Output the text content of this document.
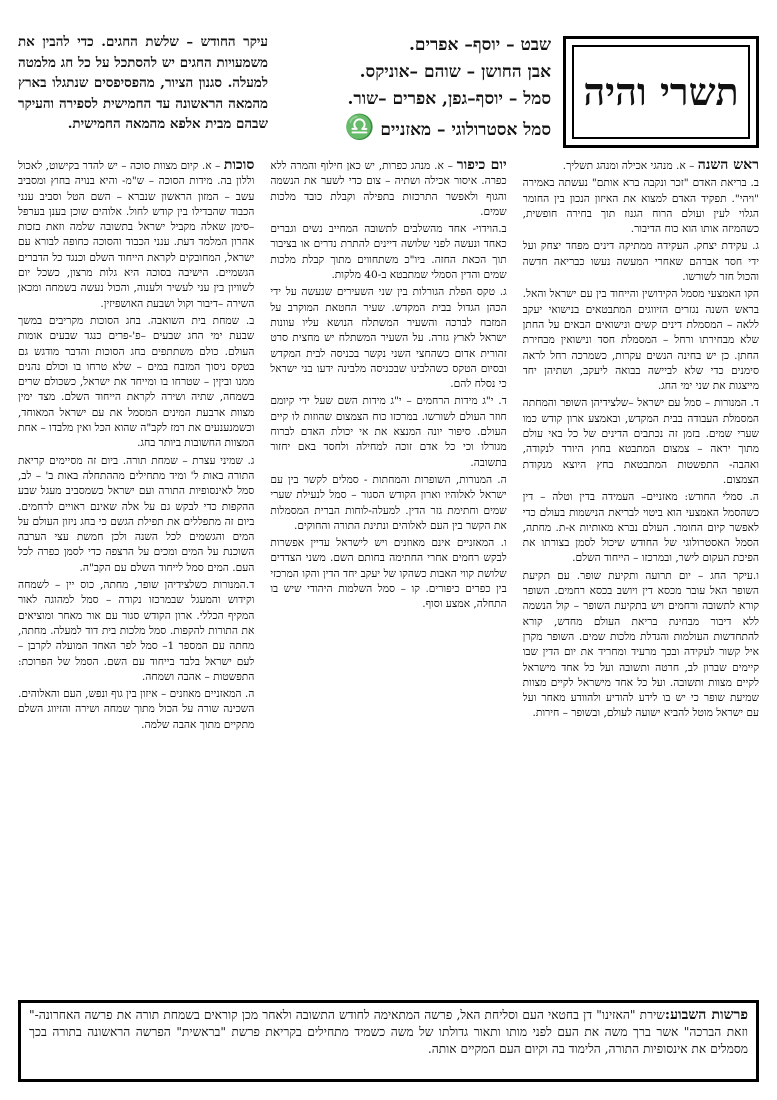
תשרי והיה
שבט – יוסף– אפרים.
אבן החושן – שוהם –אוניקס.
סמל – יוסף–גפן, אפרים –שור.
סמל אסטרולוגי – מאזניים ♎
עיקר החודש – שלשת החגים. כדי להבין את משמעויות החגים יש להסתכל על כל חג מלמטה למעלה. סגנון הציור, מהפסיפסים שנתגלו בארץ מהמאה הראשונה עד החמישית לספירה והעיקר שבהם מבית אלפא מהמאה החמישית.

ראש השנה – א. מנהגי אכילה ומנהג תשליך.

ב. בריאת האדם "זכר ונקבה ברא אותם" נעשתה באמירה "ויהי". תפקיד האדם למצוא את האיזון הנכון בין החומר הגלוי לעין ועולם הרוח הגנוז תוך בחירה חופשית, כשהמיזה אותו הוא כוח הדיבור.

ג. עקידת יצחק. העקידה ממתיקה דינים מפחד יצחק ועל ידי חסד אברהם שאחרי המעשה נעשו כבריאה חדשה והכול חזר לשורשו.

הקו האמצעי מסמל הקידושין והייחוד בין עם ישראל והאל. בראש השנה נגזרים הזיווגים המתבטאים בנישואי יעקב ללאה – המסמלת דינים קשים ונישואים הבאים על החתן שלא מבחירתו ורחל – המסמלת חסד ונישואין מבחירת החתן. כן יש בחינה הנשים עקרות, כשמרכה רחל לראה סימנים כדי שלא לביישה בבואה ליעקב, ושתיהן יחד מייצגות את שני ימי החג.

ד. המנורות – סמל עם ישראל –שלצידיהן השופר והמחתה המסמלת העבודה בבית המקדש, ובאמצע ארון קודש כמו שערי שמים. בזמן זה נכתבים הדינים של כל באי עולם מתוך יראה – צמצום המתבטא בחוץ היורד לנקודה, ואהבה- התפשטות המתבטאת בחץ היוצא מנקודת הצמצום.

ה. סמלי החודש: מאזניים– העמידה בדין וטלה – דין כשהסמל האמצעי הוא ביטוי לבריאת הנישמות בעולם כדי לאפשר קיום החומר. העולם נברא מאותיות א-ת. מחתה, הסמל האסטרולוגי של החודש שיכול לסמן בצורתו את הפיכת העקום לישר, ובמרכזו – הייחוד השלם.

ו.עיקר החג – יום תרועה ותקיעת שופר. עם תקיעת השופר האל עובר מכסא דין ויושב בכסא רחמים. השופר קורא לתשובה ורחמים ויש בתקיעת השופר – קול הנשמה ללא דיבור מבחינת בריאת העולם מחדש, קורא להתחדשות העולמות והגדלת מלכות שמים. השופר מקרן איל קשור לעקידה ובכך מרעיד ומחריד את יום הדין שבו קיימים שברון לב, חרטה ותשובה ועל כל אחד מישראל לקיים מצוות ותשובה. ועל כל אחד מישראל לקיים מצוות שמיעת שופר כי יש בו לידע להודיע ולהוודע מאחר ועל עם ישראל מוטל להביא ישועה לעולם, ובשופר – חירות.

יום כיפור – א. מנהג כפרות, יש כאן חילוף והמרה ללא כפרה. איסור אכילה ושתיה – צום כדי לשער את הנשמה והגוף ולאפשר התרכזות בתפילה וקבלת כובד מלכות שמים.

ב.הוידוי- אחד מהשלבים לתשובה המחייב נשים וגברים כאחד ונעשה לפני שלושה דיינים להתרת נדרים או בציבור תוך הכאת החזה. ביו"כ משתחווים מתוך קבלת מלכות שמים והדין הסמלי שמתבטא ב-40 מלקות.

ג. טקס הפלת הגורלות בין שני השעירים שנעשה על ידי הכהן הגדול בבית המקדש. שעיר החטאת המוקרב על המזבח לברכה והשעיר המשתלח הנושא עליו עוונות ישראל לארץ גזרה. על השעיר המשתלח יש מחצית סרט זהורית אדום כשהחצי השני נקשר בכניסה לבית המקדש ובסיום הטקס כשהלבינו שבכניסה מלבינה ידעו בני ישראל כי נסלח להם.

ד. י"ג מידות הרחמים – י"ג מידות השם שעל ידי קיומם חוזר העולם לשורשו. במרכזו כוח הצמצום שהוזות לו קיים העולם. סיפור יונה המנצא את אי יכולת האדם לברוח מגורלו וכי כל אדם זוכה למחילה ולחסד באם יחזור בתשובה.

ה. המנורות, השופרות והמחתות - סמלים לקשר בין עם ישראל לאלוהיו וארון הקודש הסגור – סמל לנעילת שערי שמים וחתימת גזר הדין. למעלה-לוחות הברית המסמלות את הקשר בין העם לאלוהים ונתינת התורה והחוקים.

ו. המאזניים אינם מאוזנים ויש לישראל עדיין אפשרות לבקש רחמים אחרי החתימה בחותם השם. משני הצדדים שלושת קווי האבות כשהקו של יעקב יחד הדין והקו המרכזי בין כפרים כיפורים. קו – סמל השלמות היהודי שיש בו התחלה, אמצע וסוף.

סוכות – א. קיום מצוות סוכה – יש להדר בקישוט, לאכול וללון בה. מידות הסוכה – ש"מ- והיא בנויה בחוץ ומסביב עשב – המזון הראשון שנברא – השם הטל וסביב ענני הכבוד שהבדילו בין קודש לחול. אלוהים שוכן בענן בערפל –סימן שאלה מקביל ישראל בתשובה שלמה וזאת בזכות אהרון המלמד דעת. ענני הכבוד והסוכה כחופה לבורא עם ישראל, המחובקים לקראת הייחוד השלם וכנגד כל הדברים הגשמיים. הישיבה בסוכה היא גלות מרצון, כשכל יום לשוויון בין עני לעשיר ולענוה, והכול נעשה בשמחה ומכאן השירה –דיבור וקול ושבעת האושפיזין.

ב. שמחת בית השואבה. בחג הסוכות מקריבים במשך שבעת ימי החג שבעים –פ'-פרים כנגד שבעים אומות העולם. כולם משתתפים בחג הסוכות והדבר מודגש גם בטקס ניסוך המזבח במים – שלא טרחו בו וכולם נהנים ממנו וביןין – שטרחו בו ומייחד את ישראל, כשכולם שרים בשמחה, שתיה ושירה לקראת הייחוד השלם. מצד ימין מצוות ארבעת המינים המסמל את עם ישראל המאוחד, וכשמנענעים את רמז לקב"ה שהוא הכל ואין מלבדו – אחת המצוות החשובות ביותר בחג.

ג. שמיני עצרת – שמחת תורה. ביום זה מסיימים קריאת התורה באות ל' ומיד מתחילים מההתחלה באות ב' – לב, סמל לאינסופיות התורה ועם ישראל כשמסביב מעגל שבע ההקפות כדי לבקש גם על אלה שאינם ראויים לרחמים. ביום זה מתפללים את תפילת הגשם כי בחג ניזון העולם על המים והגשמים לכל השנה ולכן חמשת עצי הערבה השוכנת על המים ומכים על הרצפה כדי לסמן כפרה לכל העם. המים סמל לייחוד השלם עם הקב"ה.

ד.המנורות כשלצידיהן שופר, מחתה, כוס יין – לשמחה וקידוש והמעגל שבמרכזו נקודה – סמל למהוגה לאור המקיף הכללי. ארון הקודש סגור עם אור מאחר ומוציאים את התורות להקפות. סמל מלכות בית דוד למעלה. מחתה, מחתה עם המספר 1– סמל לפר האחד המועלה לקרבן – לעם ישראל בלבד בייחוד עם השם. הסמל של הפרוכת: התפשטות – אהבה ושמחה.

ה. המאזניים מאוזנים – איזון בין גוף ונפש, העם והאלוהים. השכינה שורה על הכול מתוך שמחה ושירה והזיווג השלם מתקיים מתוך אהבה שלמה.

פרשות השבוע:שירת "האזינו" דן בחטאי העם וסליחת האל, פרשה המתאימה לחודש התשובה ולאחר מכן קוראים בשמחת תורה את פרשה האחרונה-" וזאת הברכה" אשר ברך משה את העם לפני מותו ותאור גדולתו של משה כשמיד מתחילים בקריאת פרשת "בראשית" הפרשה הראשונה בתורה בכך מסמלים את אינסופיות התורה, הלימוד בה וקיום העם המקיים אותה.
